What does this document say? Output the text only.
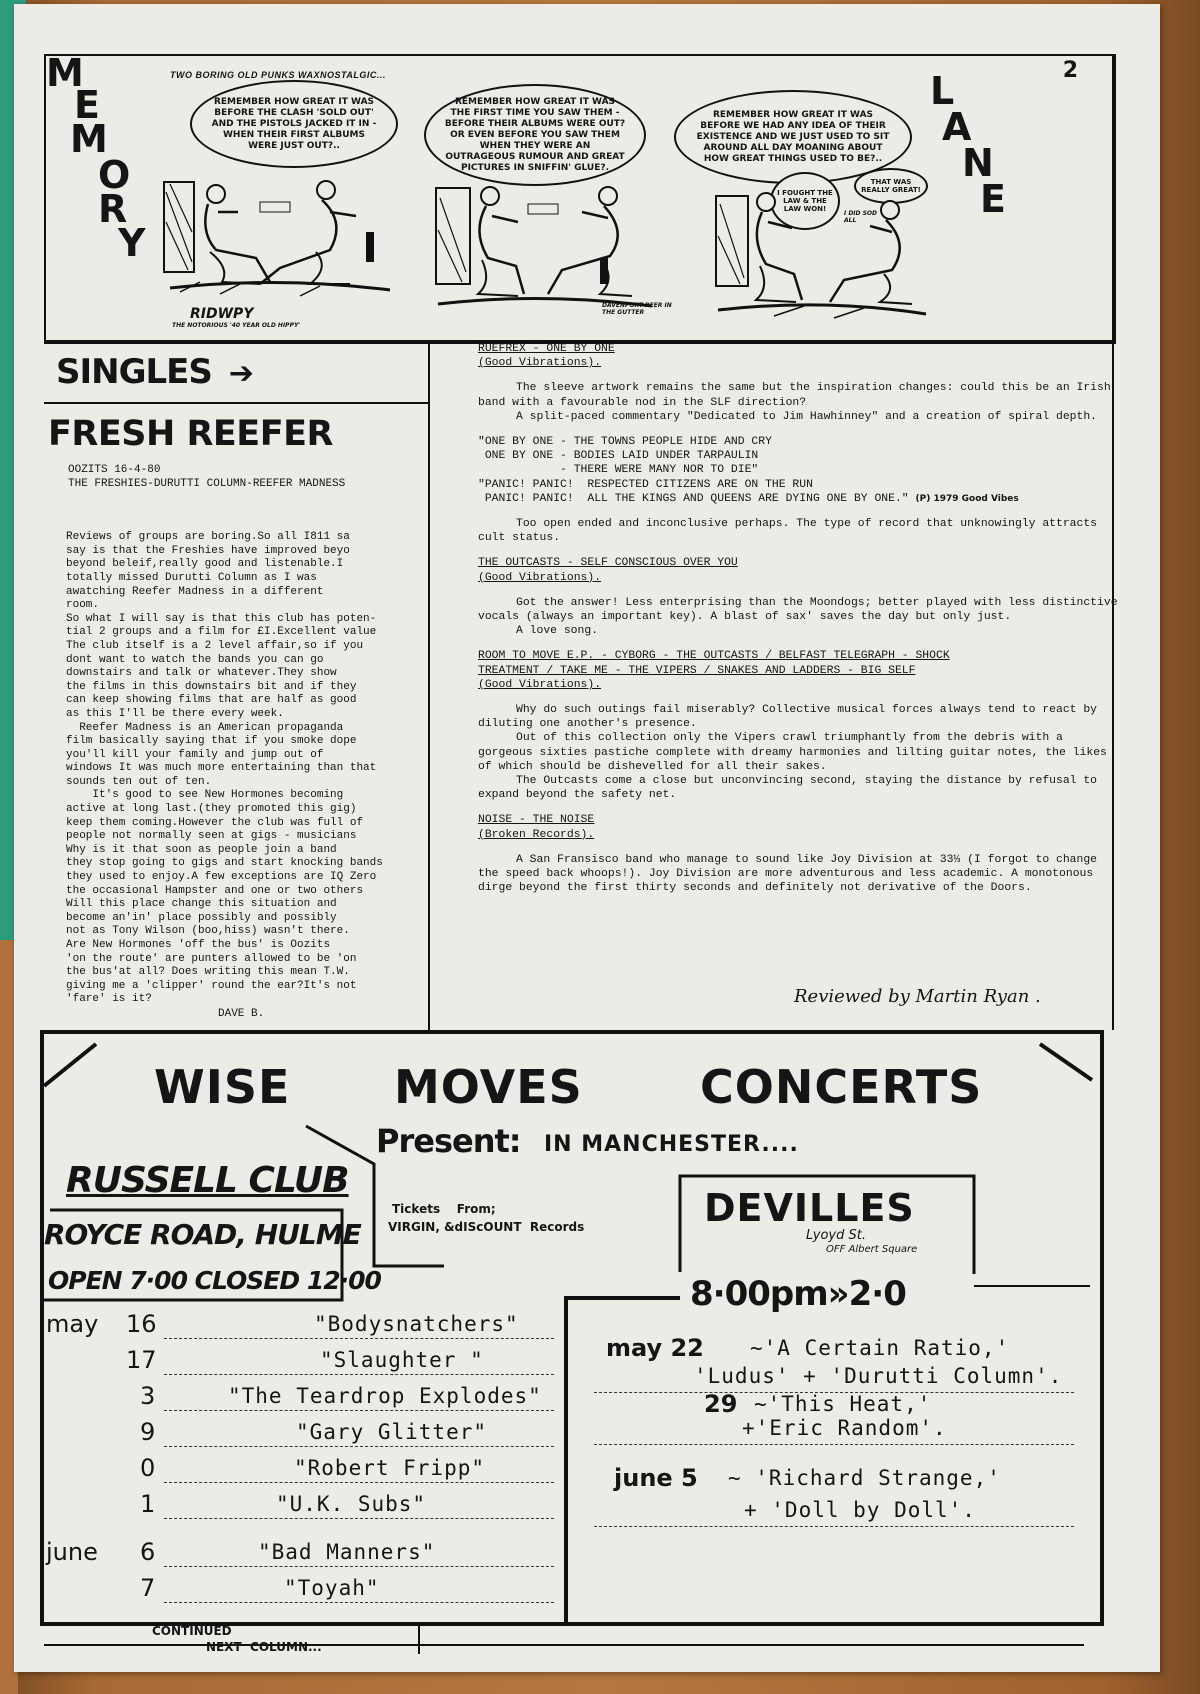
2
M
E
M
O
R
Y
L
A
N
E
TWO BORING OLD PUNKS WAXNOSTALGIC...
REMEMBER HOW GREAT IT WAS BEFORE THE CLASH 'SOLD OUT' AND THE PISTOLS JACKED IT IN - WHEN THEIR FIRST ALBUMS WERE JUST OUT?..
REMEMBER HOW GREAT IT WAS THE FIRST TIME YOU SAW THEM -BEFORE THEIR ALBUMS WERE OUT? OR EVEN BEFORE YOU SAW THEM WHEN THEY WERE AN OUTRAGEOUS RUMOUR AND GREAT PICTURES IN SNIFFIN' GLUE?.
REMEMBER HOW GREAT IT WAS BEFORE WE HAD ANY IDEA OF THEIR EXISTENCE AND WE JUST USED TO SIT AROUND ALL DAY MOANING ABOUT HOW GREAT THINGS USED TO BE?..
I FOUGHT THE LAW & THE LAW WON!
THAT WAS REALLY GREAT!
I DID SOD ALL
RIDWPY
THE NOTORIOUS '40 YEAR OLD HIPPY'
DAVENPORT BEER IN THE GUTTER
SINGLES ➔
FRESH REEFER
OOZITS 16-4-80
THE FRESHIES-DURUTTI COLUMN-REEFER MADNESS

Reviews of groups are boring.So all I811 sa
say is that the Freshies have improved beyo
beyond beleif,really good and listenable.I
totally missed Durutti Column as I was
awatching Reefer Madness in a different
room.
So what I will say is that this club has poten-
tial 2 groups and a film for £I.Excellent value
The club itself is a 2 level affair,so if you
dont want to watch the bands you can go
downstairs and talk or whatever.They show
the films in this downstairs bit and if they
can keep showing films that are half as good
as this I'll be there every week.
Reefer Madness is an American propaganda
film basically saying that if you smoke dope
you'll kill your family and jump out of
windows It was much more entertaining than that
sounds ten out of ten.
It's good to see New Hormones becoming
active at long last.(they promoted this gig)
keep them coming.However the club was full of
people not normally seen at gigs - musicians
Why is it that soon as people join a band
they stop going to gigs and start knocking bands
they used to enjoy.A few exceptions are IQ Zero
the occasional Hampster and one or two others
Will this place change this situation and
become an'in' place possibly and possibly
not as Tony Wilson (boo,hiss) wasn't there.
Are New Hormones 'off the bus' is Oozits
'on the route' are punters allowed to be 'on
the bus'at all? Does writing this mean T.W.
giving me a 'clipper' round the ear?It's not
'fare' is it?
DAVE B.
RUEFREX - ONE BY ONE

(Good Vibrations).

The sleeve artwork remains the same but the inspiration changes: could this be an Irish band with a favourable nod in the SLF direction?
A split-paced commentary "Dedicated to Jim Hawhinney" and a creation of spiral depth.

"ONE BY ONE - THE TOWNS PEOPLE HIDE AND CRY
ONE BY ONE - BODIES LAID UNDER TARPAULIN
- THERE WERE MANY NOR TO DIE"
"PANIC! PANIC!  RESPECTED CITIZENS ARE ON THE RUN
PANIC! PANIC!  ALL THE KINGS AND QUEENS ARE DYING ONE BY ONE." (P) 1979 Good Vibes

Too open ended and inconclusive perhaps. The type of record that unknowingly attracts cult status.

THE OUTCASTS - SELF CONSCIOUS OVER YOU

(Good Vibrations).

Got the answer! Less enterprising than the Moondogs; better played with less distinctive vocals (always an important key). A blast of sax' saves the day but only just.
A love song.

ROOM TO MOVE E.P. - CYBORG - THE OUTCASTS / BELFAST TELEGRAPH - SHOCK
TREATMENT / TAKE ME - THE VIPERS / SNAKES AND LADDERS - BIG SELF

(Good Vibrations).

Why do such outings fail miserably? Collective musical forces always tend to react by diluting one another's presence.
Out of this collection only the Vipers crawl triumphantly from the debris with a gorgeous sixties pastiche complete with dreamy harmonies and lilting guitar notes, the likes of which should be dishevelled for all their sakes.
The Outcasts come a close but unconvincing second, staying the distance by refusal to expand beyond the safety net.

NOISE - THE NOISE

(Broken Records).

A San Fransisco band who manage to sound like Joy Division at 33⅓ (I forgot to change the speed back whoops!). Joy Division are more adventurous and less academic. A monotonous dirge beyond the first thirty seconds and definitely not derivative of the Doors.

Reviewed by Martin Ryan .
WISE MOVES	CONCERTS
Present: IN MANCHESTER....
Tickets    From;
VIRGIN, &dIScOUNT  Records
RUSSELL CLUB
ROYCE ROAD, HULME
OPEN 7·00 CLOSED 12·00
DEVILLES
Lyoyd St.
OFF Albert Square
8·00pm»2·0
CONTINUED
NEXT  COLUMN...
may 16	"Bodysnatchers"
17	"Slaughter "
3	"The Teardrop Explodes"
9	"Gary Glitter"
0	"Robert Fripp"
1	"U.K. Subs"
june 6	"Bad Manners"
7	"Toyah"
may 22 ~'A Certain Ratio,'
'Ludus' + 'Durutti Column'.
29 ~'This Heat,'
+'Eric Random'.
june 5 ~ 'Richard Strange,'
+ 'Doll by Doll'.
